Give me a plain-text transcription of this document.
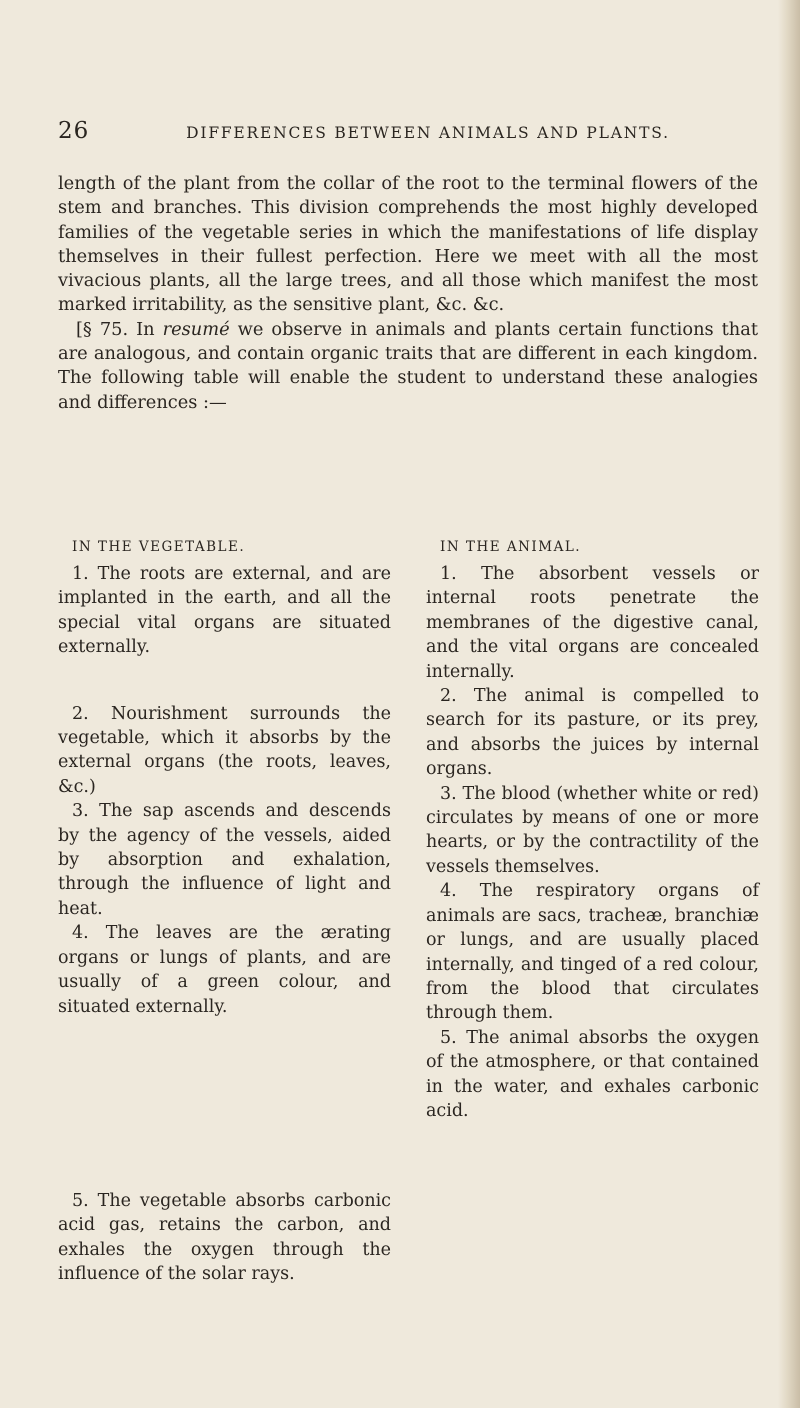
26	DIFFERENCES BETWEEN ANIMALS AND PLANTS.

length of the plant from the collar of the root to the terminal flowers of the stem and branches. This division comprehends the most highly developed families of the vegetable series in which the manifestations of life display themselves in their fullest perfection. Here we meet with all the most vivacious plants, all the large trees, and all those which manifest the most marked irritability, as the sensitive plant, &c. &c.

[§ 75. In resumé we observe in animals and plants certain functions that are analogous, and contain organic traits that are different in each kingdom. The following table will enable the student to understand these analogies and differences :—

IN THE VEGETABLE.

1. The roots are external, and are implanted in the earth, and all the special vital organs are situated externally.

2. Nourishment surrounds the vegetable, which it absorbs by the external organs (the roots, leaves, &c.)

3. The sap ascends and descends by the agency of the vessels, aided by absorption and exhalation, through the influence of light and heat.

4. The leaves are the ærating organs or lungs of plants, and are usually of a green colour, and situated externally.

5. The vegetable absorbs carbonic acid gas, retains the carbon, and exhales the oxygen through the influence of the solar rays.

IN THE ANIMAL.

1. The absorbent vessels or internal roots penetrate the membranes of the digestive canal, and the vital organs are concealed internally.

2. The animal is compelled to search for its pasture, or its prey, and absorbs the juices by internal organs.

3. The blood (whether white or red) circulates by means of one or more hearts, or by the contractility of the vessels themselves.

4. The respiratory organs of animals are sacs, tracheæ, branchiæ or lungs, and are usually placed internally, and tinged of a red colour, from the blood that circulates through them.

5. The animal absorbs the oxygen of the atmosphere, or that contained in the water, and exhales carbonic acid.
